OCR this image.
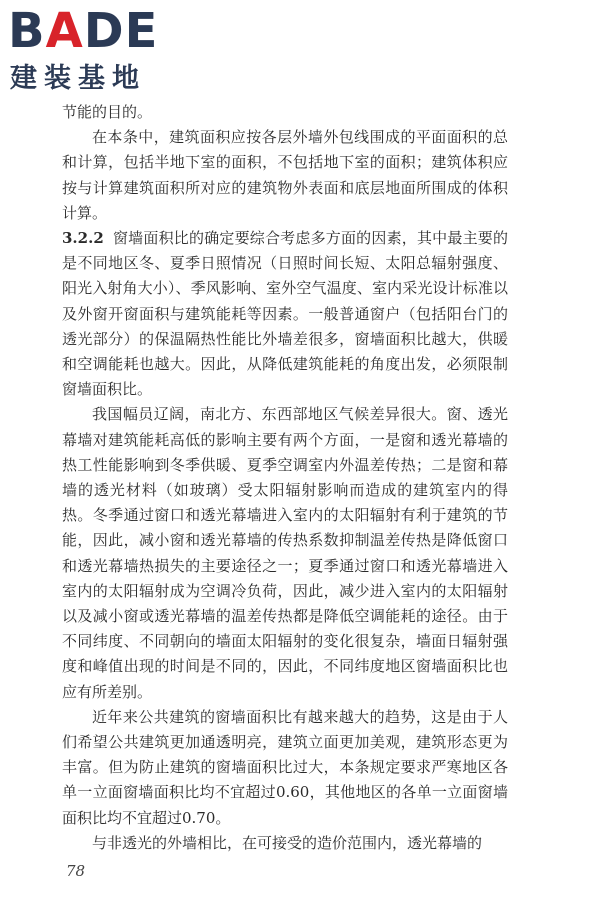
BADE
建装基地

节能的目的。

在本条中，建筑面积应按各层外墙外包线围成的平面面积的总和计算，包括半地下室的面积，不包括地下室的面积；建筑体积应按与计算建筑面积所对应的建筑物外表面和底层地面所围成的体积计算。

3.2.2 窗墙面积比的确定要综合考虑多方面的因素，其中最主要的是不同地区冬、夏季日照情况（日照时间长短、太阳总辐射强度、阳光入射角大小）、季风影响、室外空气温度、室内采光设计标准以及外窗开窗面积与建筑能耗等因素。一般普通窗户（包括阳台门的透光部分）的保温隔热性能比外墙差很多，窗墙面积比越大，供暖和空调能耗也越大。因此，从降低建筑能耗的角度出发，必须限制窗墙面积比。

我国幅员辽阔，南北方、东西部地区气候差异很大。窗、透光幕墙对建筑能耗高低的影响主要有两个方面，一是窗和透光幕墙的热工性能影响到冬季供暖、夏季空调室内外温差传热；二是窗和幕墙的透光材料（如玻璃）受太阳辐射影响而造成的建筑室内的得热。冬季通过窗口和透光幕墙进入室内的太阳辐射有利于建筑的节能，因此，减小窗和透光幕墙的传热系数抑制温差传热是降低窗口和透光幕墙热损失的主要途径之一；夏季通过窗口和透光幕墙进入室内的太阳辐射成为空调冷负荷，因此，减少进入室内的太阳辐射以及减小窗或透光幕墙的温差传热都是降低空调能耗的途径。由于不同纬度、不同朝向的墙面太阳辐射的变化很复杂，墙面日辐射强度和峰值出现的时间是不同的，因此，不同纬度地区窗墙面积比也应有所差别。

近年来公共建筑的窗墙面积比有越来越大的趋势，这是由于人们希望公共建筑更加通透明亮，建筑立面更加美观，建筑形态更为丰富。但为防止建筑的窗墙面积比过大，本条规定要求严寒地区各单一立面窗墙面积比均不宜超过0.60，其他地区的各单一立面窗墙面积比均不宜超过0.70。

与非透光的外墙相比，在可接受的造价范围内，透光幕墙的

78
